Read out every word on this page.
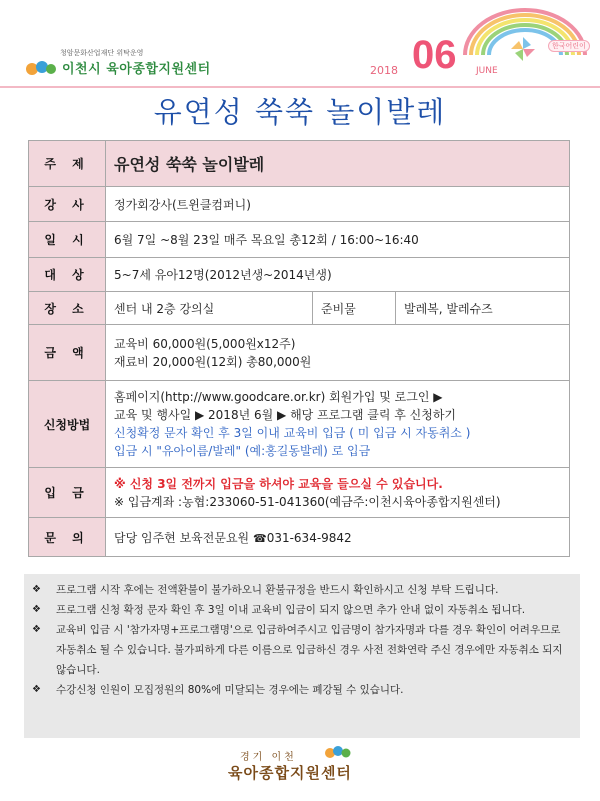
청암문화산업재단 위탁운영
이천시 육아종합지원센터	2018 06 JUNE
한국어린이
유연성 쑥쑥 놀이발레
주 제	유연성 쑥쑥 놀이발레		
강 사	정가회강사(트윈클컴퍼니)		
일 시	6월 7일 ~8월 23일 매주 목요일 총12회 / 16:00~16:40		
대 상	5~7세 유아12명(2012년생~2014년생)		
장 소	센터 내 2층 강의실	준비물	발레복, 발레슈즈
금 액	교육비 60,000원(5,000원x12주)
재료비 20,000원(12회) 총80,000원		

신청방법	홈페이지(http://www.goodcare.or.kr) 회원가입 및 로그인 ▶
교육 및 행사일 ▶ 2018년 6월 ▶ 해당 프로그램 클릭 후 신청하기
신청확정 문자 확인 후 3일 이내 교육비 입금 ( 미 입금 시 자동취소 )
입금 시 "유아이름/발레" (예:홍길동발레) 로 입금		

입 금	※ 신청 3일 전까지 입금을 하셔야 교육을 들으실 수 있습니다.
※ 입금계좌 :농협:233060-51-041360(예금주:이천시육아종합지원센터)		

문 의	담당 임주현 보육전문요원 ☎031-634-9842		
❖	프로그램 시작 후에는 전액환불이 불가하오니 환불규정을 반드시 확인하시고 신청 부탁 드립니다.
❖	프로그램 신청 확정 문자 확인 후 3일 이내 교육비 입금이 되지 않으면 추가 안내 없이 자동취소 됩니다.
❖	교육비 입금 시 '참가자명+프로그램명'으로 입금하여주시고 입금명이 참가자명과 다를 경우 확인이 어려우므로 자동취소 될 수 있습니다. 불가피하게 다른 이름으로 입금하신 경우 사전 전화연락 주신 경우에만 자동취소 되지 않습니다.
❖	수강신청 인원이 모집정원의 80%에 미달되는 경우에는 폐강될 수 있습니다.
경기 이천
육아종합지원센터
